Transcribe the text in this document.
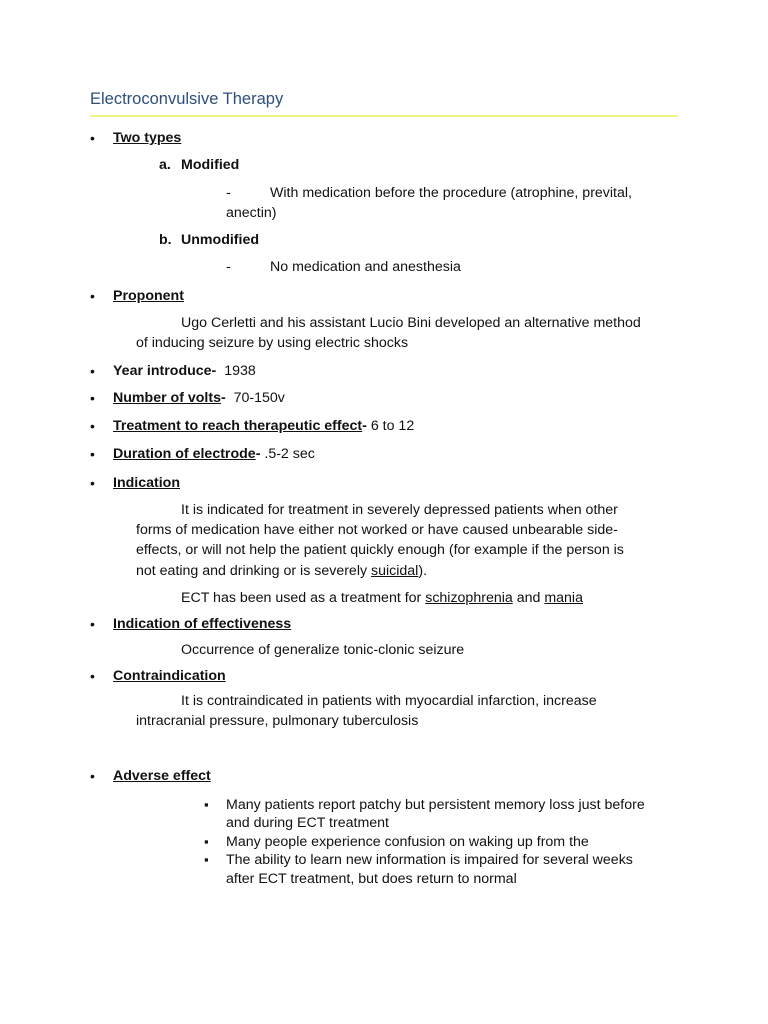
Electroconvulsive Therapy
•
Two types
a. Modified
-	With medication before the procedure (atrophine, prevital,
anectin)
b. Unmodified
-	No medication and anesthesia
•
Proponent
Ugo Cerletti and his assistant Lucio Bini developed an alternative method
of inducing seizure by using electric shocks
•
Year introduce- 1938
•
Number of volts- 70-150v
•
Treatment to reach therapeutic effect- 6 to 12
•
Duration of electrode- .5-2 sec
•
Indication
It is indicated for treatment in severely depressed patients when other
forms of medication have either not worked or have caused unbearable side-
effects, or will not help the patient quickly enough (for example if the person is
not eating and drinking or is severely suicidal).
ECT has been used as a treatment for schizophrenia and mania
•
Indication of effectiveness
Occurrence of generalize tonic-clonic seizure
•
Contraindication
It is contraindicated in patients with myocardial infarction, increase
intracranial pressure, pulmonary tuberculosis
•
Adverse effect
▪
Many patients report patchy but persistent memory loss just before
and during ECT treatment
▪
Many people experience confusion on waking up from the
▪
The ability to learn new information is impaired for several weeks
after ECT treatment, but does return to normal
